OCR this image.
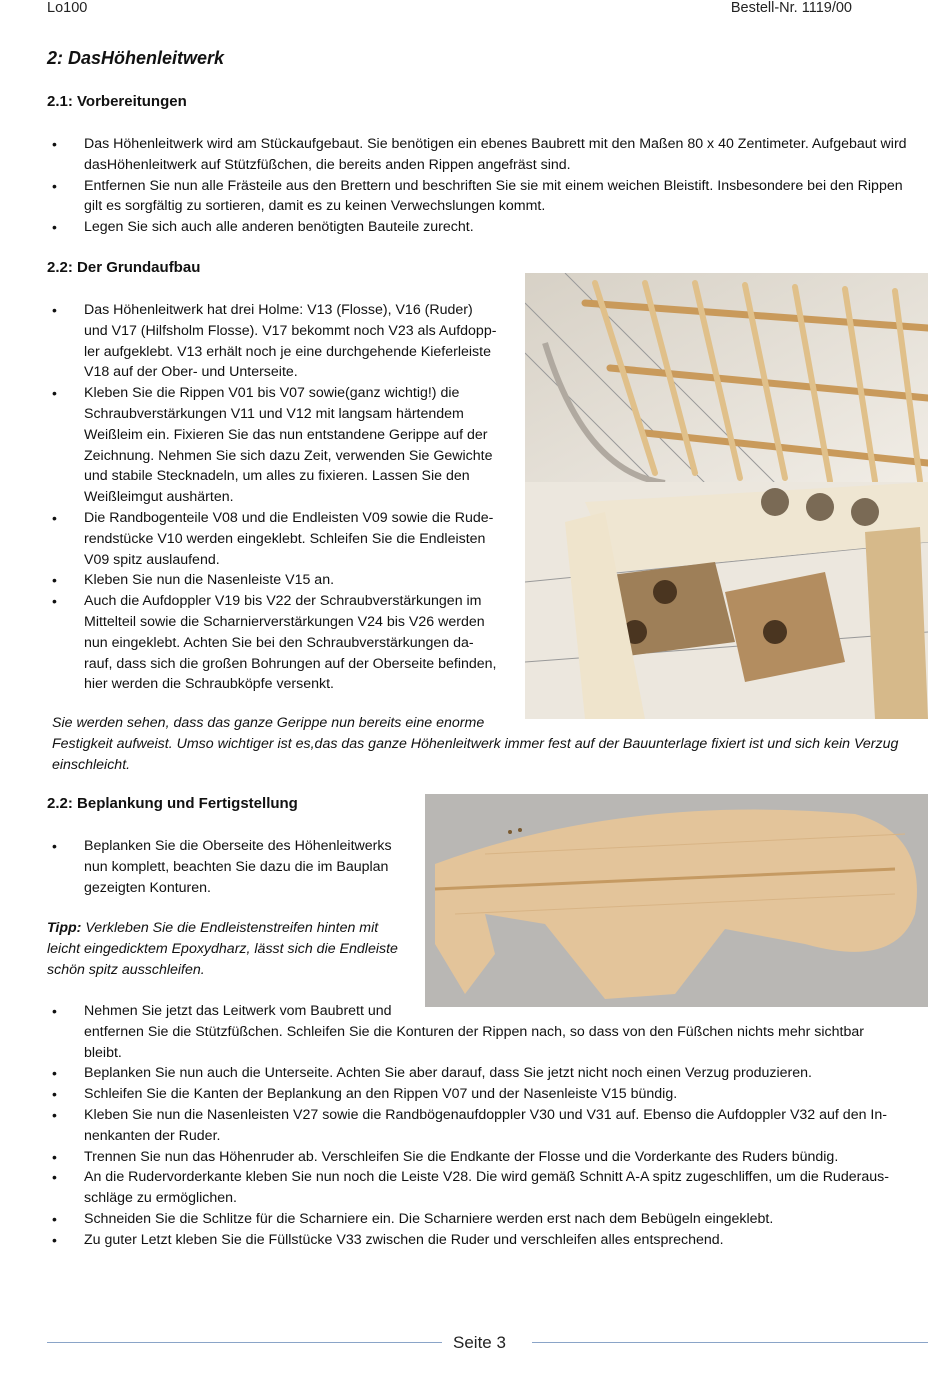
Lo100	Bestell-Nr. 1119/00
2: DasHöhenleitwerk
2.1: Vorbereitungen
• Das Höhenleitwerk wird am Stückaufgebaut. Sie benötigen ein ebenes Baubrett mit den Maßen 80 x 40 Zentimeter. Aufgebaut wird
dasHöhenleitwerk auf Stützfüßchen, die bereits anden Rippen angefräst sind.
• Entfernen Sie nun alle Frästeile aus den Brettern und beschriften Sie sie mit einem weichen Bleistift. Insbesondere bei den Rippen
gilt es sorgfältig zu sortieren, damit es zu keinen Verwechslungen kommt.
• Legen Sie sich auch alle anderen benötigten Bauteile zurecht.
2.2: Der Grundaufbau
• Das Höhenleitwerk hat drei Holme: V13 (Flosse), V16 (Ruder)
und V17 (Hilfsholm Flosse). V17 bekommt noch V23 als Aufdopp-
ler aufgeklebt. V13 erhält noch je eine durchgehende Kieferleiste
V18 auf der Ober- und Unterseite.
• Kleben Sie die Rippen V01 bis V07 sowie(ganz wichtig!) die
Schraubverstärkungen V11 und V12 mit langsam härtendem
Weißleim ein. Fixieren Sie das nun entstandene Gerippe auf der
Zeichnung. Nehmen Sie sich dazu Zeit, verwenden Sie Gewichte
und stabile Stecknadeln, um alles zu fixieren. Lassen Sie den
Weißleimgut aushärten.
• Die Randbogenteile V08 und die Endleisten V09 sowie die Rude-
rendstücke V10 werden eingeklebt. Schleifen Sie die Endleisten
V09 spitz auslaufend.
• Kleben Sie nun die Nasenleiste V15 an.
• Auch die Aufdoppler V19 bis V22 der Schraubverstärkungen im
Mittelteil sowie die Scharnierverstärkungen V24 bis V26 werden
nun eingeklebt. Achten Sie bei den Schraubverstärkungen da-
rauf, dass sich die großen Bohrungen auf der Oberseite befinden,
hier werden die Schraubköpfe versenkt.
Sie werden sehen, dass das ganze Gerippe nun bereits eine enorme
Festigkeit aufweist. Umso wichtiger ist es,das das ganze Höhenleitwerk immer fest auf der Bauunterlage fixiert ist und sich kein Verzug
einschleicht.
2.2: Beplankung und Fertigstellung
• Beplanken Sie die Oberseite des Höhenleitwerks
nun komplett, beachten Sie dazu die im Bauplan
gezeigten Konturen.
Tipp: Verkleben Sie die Endleistenstreifen hinten mit
leicht eingedicktem Epoxydharz, lässt sich die Endleiste
schön spitz ausschleifen.
• Nehmen Sie jetzt das Leitwerk vom Baubrett und
entfernen Sie die Stützfüßchen. Schleifen Sie die Konturen der Rippen nach, so dass von den Füßchen nichts mehr sichtbar
bleibt.
• Beplanken Sie nun auch die Unterseite. Achten Sie aber darauf, dass Sie jetzt nicht noch einen Verzug produzieren.
• Schleifen Sie die Kanten der Beplankung an den Rippen V07 und der Nasenleiste V15 bündig.
• Kleben Sie nun die Nasenleisten V27 sowie die Randbögenaufdoppler V30 und V31 auf. Ebenso die Aufdoppler V32 auf den In-
nenkanten der Ruder.
• Trennen Sie nun das Höhenruder ab. Verschleifen Sie die Endkante der Flosse und die Vorderkante des Ruders bündig.
• An die Rudervorderkante kleben Sie nun noch die Leiste V28. Die wird gemäß Schnitt A-A spitz zugeschliffen, um die Ruderaus-
schläge zu ermöglichen.
• Schneiden Sie die Schlitze für die Scharniere ein. Die Scharniere werden erst nach dem Bebügeln eingeklebt.
• Zu guter Letzt kleben Sie die Füllstücke V33 zwischen die Ruder und verschleifen alles entsprechend.
Seite 3
